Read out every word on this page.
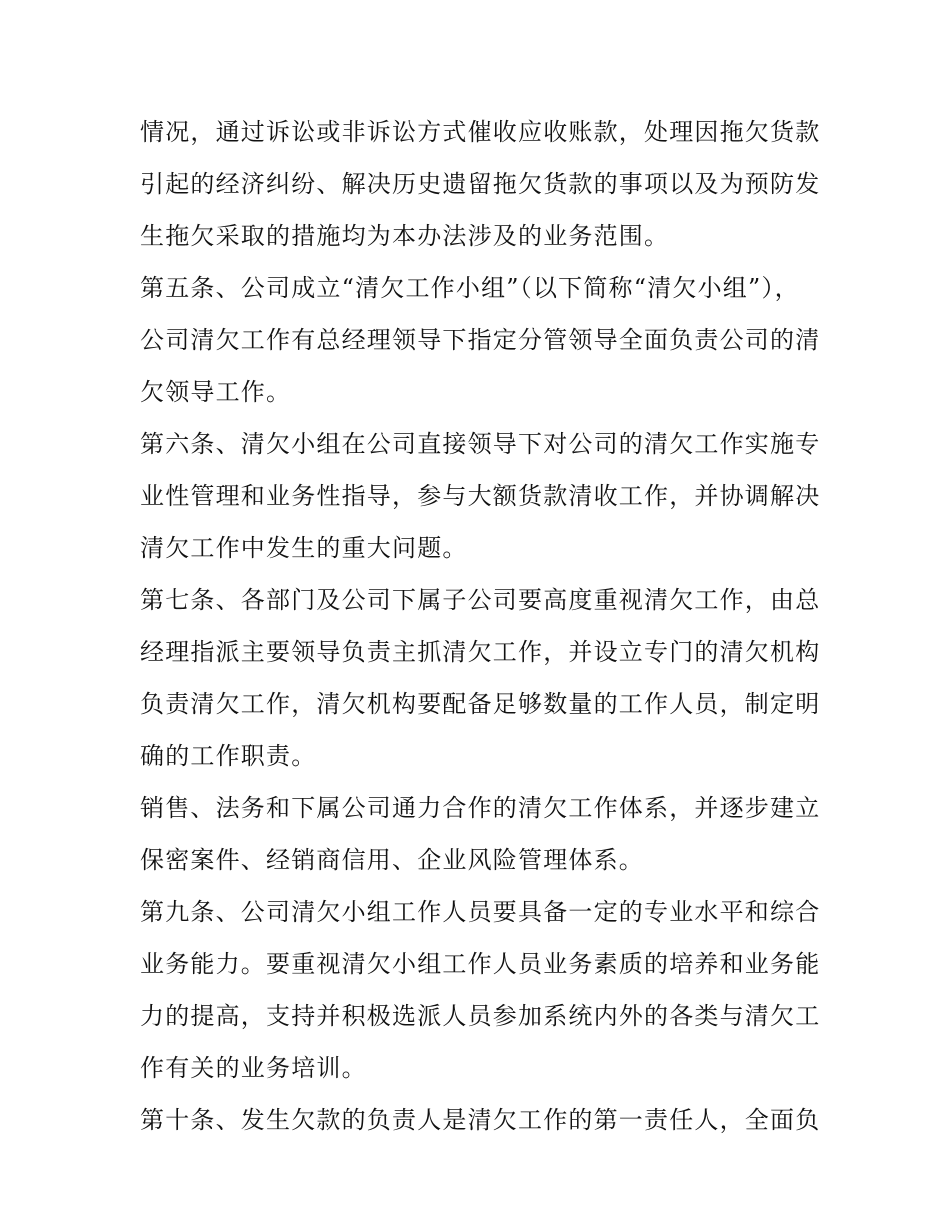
情况，通过诉讼或非诉讼方式催收应收账款，处理因拖欠货款
引起的经济纠纷、解决历史遗留拖欠货款的事项以及为预防发
生拖欠采取的措施均为本办法涉及的业务范围。
第五条、公司成立“清欠工作小组”（以下简称“清欠小组”），
公司清欠工作有总经理领导下指定分管领导全面负责公司的清
欠领导工作。
第六条、清欠小组在公司直接领导下对公司的清欠工作实施专
业性管理和业务性指导，参与大额货款清收工作，并协调解决
清欠工作中发生的重大问题。
第七条、各部门及公司下属子公司要高度重视清欠工作，由总
经理指派主要领导负责主抓清欠工作，并设立专门的清欠机构
负责清欠工作，清欠机构要配备足够数量的工作人员，制定明
确的工作职责。
销售、法务和下属公司通力合作的清欠工作体系，并逐步建立
保密案件、经销商信用、企业风险管理体系。
第九条、公司清欠小组工作人员要具备一定的专业水平和综合
业务能力。要重视清欠小组工作人员业务素质的培养和业务能
力的提高，支持并积极选派人员参加系统内外的各类与清欠工
作有关的业务培训。
第十条、发生欠款的负责人是清欠工作的第一责任人，全面负
